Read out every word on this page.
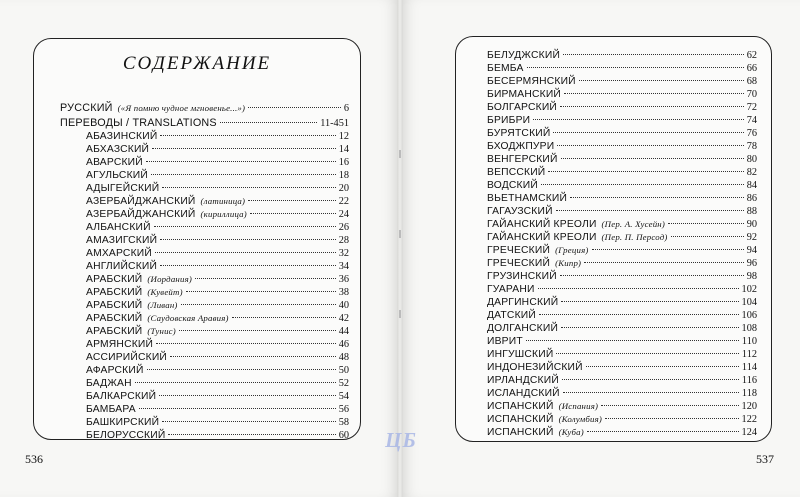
СОДЕРЖАНИЕ
РУССКИЙ («Я помню чудное мгновенье...»)	6
ПЕРЕВОДЫ / TRANSLATIONS	11-451
АБАЗИНСКИЙ	12
АБХАЗСКИЙ	14
АВАРСКИЙ	16
АГУЛЬСКИЙ	18
АДЫГЕЙСКИЙ	20
АЗЕРБАЙДЖАНСКИЙ (латиница)	22
АЗЕРБАЙДЖАНСКИЙ (кириллица)	24
АЛБАНСКИЙ	26
АМАЗИГСКИЙ	28
АМХАРСКИЙ	32
АНГЛИЙСКИЙ	34
АРАБСКИЙ (Иордания)	36
АРАБСКИЙ (Кувейт)	38
АРАБСКИЙ (Ливан)	40
АРАБСКИЙ (Саудовская Аравия)	42
АРАБСКИЙ (Тунис)	44
АРМЯНСКИЙ	46
АССИРИЙСКИЙ	48
АФАРСКИЙ	50
БАДЖАН	52
БАЛКАРСКИЙ	54
БАМБАРА	56
БАШКИРСКИЙ	58
БЕЛОРУССКИЙ	60
536
БЕЛУДЖСКИЙ	62
БЕМБА	66
БЕСЕРМЯНСКИЙ	68
БИРМАНСКИЙ	70
БОЛГАРСКИЙ	72
БРИБРИ	74
БУРЯТСКИЙ	76
БХОДЖПУРИ	78
ВЕНГЕРСКИЙ	80
ВЕПССКИЙ	82
ВОДСКИЙ	84
ВЬЕТНАМСКИЙ	86
ГАГАУЗСКИЙ	88
ГАЙАНСКИЙ КРЕОЛИ (Пер. А. Хусейн)	90
ГАЙАНСКИЙ КРЕОЛИ (Пер. П. Персод)	92
ГРЕЧЕСКИЙ (Греция)	94
ГРЕЧЕСКИЙ (Кипр)	96
ГРУЗИНСКИЙ	98
ГУАРАНИ	102
ДАРГИНСКИЙ	104
ДАТСКИЙ	106
ДОЛГАНСКИЙ	108
ИВРИТ	110
ИНГУШСКИЙ	112
ИНДОНЕЗИЙСКИЙ	114
ИРЛАНДСКИЙ	116
ИСЛАНДСКИЙ	118
ИСПАНСКИЙ (Испания)	120
ИСПАНСКИЙ (Колумбия)	122
ИСПАНСКИЙ (Куба)	124
537
ЦБ
